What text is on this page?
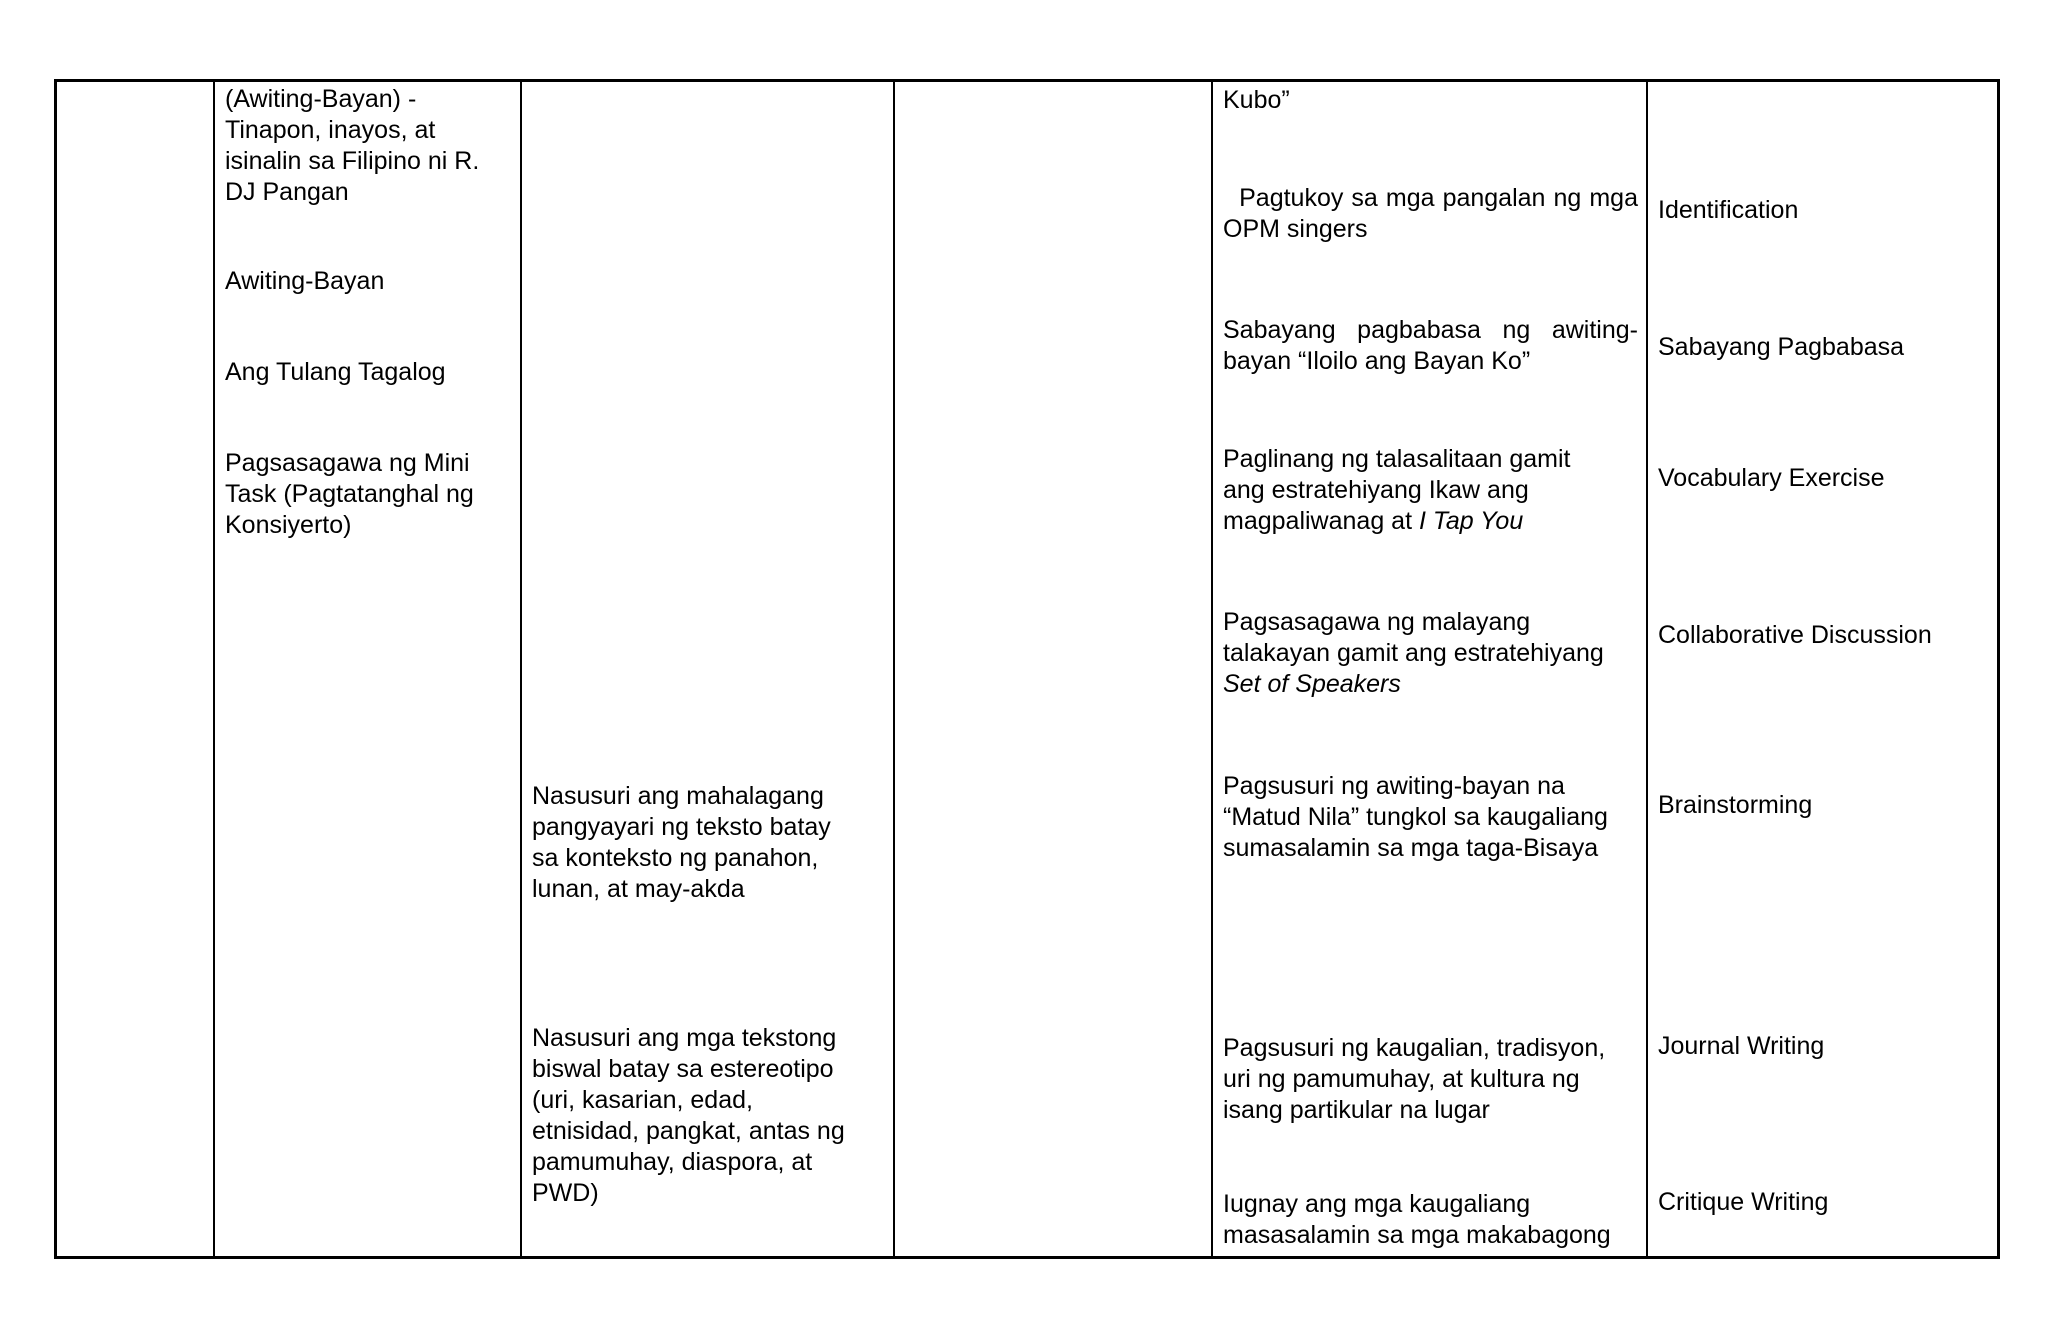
(Awiting-Bayan) -
Tinapon, inayos, at
isinalin sa Filipino ni R.
DJ Pangan
Awiting-Bayan
Ang Tulang Tagalog
Pagsasagawa ng Mini
Task (Pagtatanghal ng
Konsiyerto)
Nasusuri ang mahalagang
pangyayari ng teksto batay
sa konteksto ng panahon,
lunan, at may-akda
Nasusuri ang mga tekstong
biswal batay sa estereotipo
(uri, kasarian, edad,
etnisidad, pangkat, antas ng
pamumuhay, diaspora, at
PWD)
Kubo”
Pagtukoy sa mga pangalan ng mga OPM singers
Sabayang pagbabasa ng awiting-bayan “Iloilo ang Bayan Ko”
Paglinang ng talasalitaan gamit
ang estratehiyang Ikaw ang
magpaliwanag at I Tap You
Pagsasagawa ng malayang
talakayan gamit ang estratehiyang
Set of Speakers
Pagsusuri ng awiting-bayan na
“Matud Nila” tungkol sa kaugaliang
sumasalamin sa mga taga-Bisaya
Pagsusuri ng kaugalian, tradisyon,
uri ng pamumuhay, at kultura ng
isang partikular na lugar
Iugnay ang mga kaugaliang
masasalamin sa mga makabagong
Identification
Sabayang Pagbabasa
Vocabulary Exercise
Collaborative Discussion
Brainstorming
Journal Writing
Critique Writing
